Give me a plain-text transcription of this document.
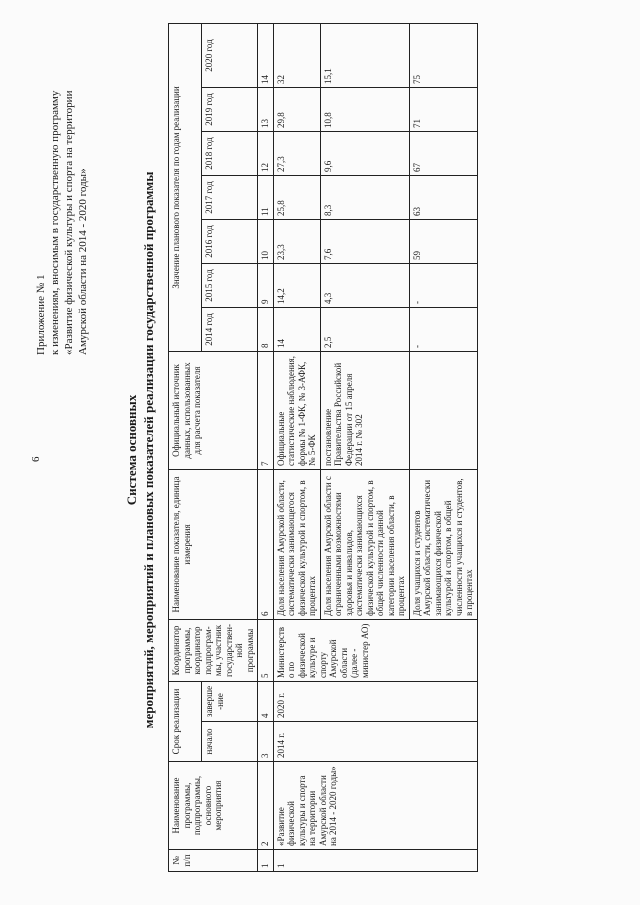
6
Приложение № 1 к изменениям, вносимым в государственную программу «Развитие физической культуры и спорта на территории Амурской области на 2014 - 2020 годы»
Система основных мероприятий, мероприятий и плановых показателей реализации государственной программы
№ п/п	Наименование программы, подпрограммы, основного мероприятия	Срок реализации		Координатор программы, координатор подпрограм-мы, участник государствен-ной программы	Наименование показателя, единица измерения	Официальный источник данных, использованных для расчета показателя	Значение планового показателя по годам реализации						
		начало	заверше-ние				2014 год	2015 год	2016 год	2017 год	2018 год	2019 год	2020 год
1	2	3	4	5	6	7	8	9	10	11	12	13	14
1	«Развитие физической культуры и спорта на территории Амурской области на 2014 - 2020 годы»	2014 г.	2020 г.	Министерство по физической культуре и спорту Амурской области (далее - министер АО)	Доля населения Амурской области, систематически занимающегося физической культурой и спортом, в процентах	Официальные статистические наблюдения, формы № 1-ФК, № 3-АФК, № 5-ФК	14	14,2	23,3	25,8	27,3	29,8	32
					Доля населения Амурской области с ограниченными возможностями здоровья и инвалидов, систематически занимающихся физической культурой и спортом, в общей численности данной категории населения области, в процентах	постановление Правительства Российской Федерации от 15 апреля 2014 г. № 302	2,5	4,3	7,6	8,3	9,6	10,8	15,1
					Доля учащихся и студентов Амурской области, систематически занимающихся физической культурой и спортом, в общей численности учащихся и студентов, в процентах		-	-	59	63	67	71	75
